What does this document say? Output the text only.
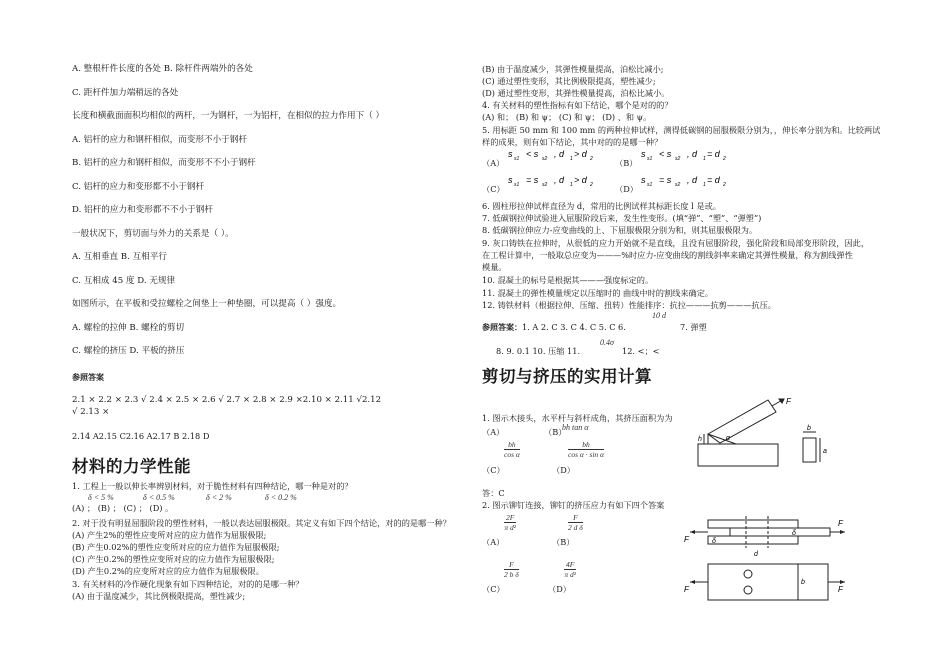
A. 整根杆件长度的各处 B. 除杆件两端外的各处
C. 距杆件加力端稍远的各处
长度和横截面面积均相似的两杆，一为钢杆，一为铝杆，在相似的拉力作用下（ ）
A. 铝杆的应力和钢杆相似，而变形不小于钢杆
B. 铝杆的应力和钢杆相似，而变形不不小于钢杆
C. 铝杆的应力和变形都不小于钢杆
D. 铝杆的应力和变形都不不小于钢杆
一般状况下，剪切面与外力的关系是（ ）。
A. 互相垂直 B. 互相平行
C. 互相成 45 度 D. 无规律
如图所示，在平板和受拉螺栓之间垫上一种垫圈，可以提高（ ）强度。
A. 螺栓的拉伸 B. 螺栓的剪切
C. 螺栓的挤压 D. 平板的挤压
参照答案
2.1 × 2.2 × 2.3 √ 2.4 × 2.5 × 2.6 √ 2.7 × 2.8 × 2.9 ×2.10 × 2.11 √2.12
√ 2.13 ×
2.14 A2.15 C2.16 A2.17 B 2.18 D
材料的力学性能
1. 工程上一般以伸长率辨别材料，对于脆性材料有四种结论，哪一种是对的？
δ < 5 %	δ < 0.5 %	δ < 2 %	δ < 0.2 %
(A) ； (B) ； (C) ； (D) 。
2. 对于没有明显屈服阶段的塑性材料，一般以表达屈服极限。其定义有如下四个结论，对的的是哪一种？
(A) 产生2%的塑性应变所对应的应力值作为屈服极限;
(B) 产生0.02%的塑性应变所对应的应力值作为屈服极限;
(C) 产生0.2%的塑性应变所对应的应力值作为屈服极限;
(D) 产生0.2%的应变所对应的应力值作为屈服极限。
3. 有关材料的冷作硬化现象有如下四种结论，对的的是哪一种？
(A) 由于温度减少，其比例极限提高，塑性减少;
(B) 由于温度减少，其弹性模量提高，泊松比减小;
(C) 通过塑性变形，其比例极限提高，塑性减少;
(D) 通过塑性变形，其弹性模量提高，泊松比减小。
4. 有关材料的塑性指标有如下结论，哪个是对的的？
(A) 和； (B) 和 ψ； (C) 和 ψ； (D) 、和 ψ。
5. 用标距 50 mm 和 100 mm 的两种拉伸试样，测得低碳钢的屈服极限分别为，，伸长率分别为和。比较两试
样的成果，则有如下结论，其中对的的是哪一种？
（A）
s s1 < s s2 , d 1 > d 2	（B）
s s1 < s s2 , d 1 = d 2
（C）
s s1 = s s2 , d 1 > d 2	（D）
s s1 = s s2 , d 1 = d 2
6. 圆柱形拉伸试样直径为 d，常用的比例试样其标距长度 l 是或。
7. 低碳钢拉伸试验进入屈服阶段后来，发生性变形。(填“弹”、“塑”、“弹塑”)
8. 低碳钢拉伸应力-应变曲线的上、下屈服极限分别为和，则其屈服极限为。
9. 灰口铸铁在拉伸时，从很低的应力开始就不是直线，且没有屈服阶段，强化阶段和局部变形阶段，因此，
在工程计算中，一般取总应变为———%时应力-应变曲线的割线斜率来确定其弹性模量，称为割线弹性
模量。
10. 混凝土的标号是根据其———强度标定的。
11. 混凝土的弹性模量规定以压缩时的 曲线中时的割线来确定。
12. 铸铁材料（根据拉伸、压缩、扭转）性能排序：抗拉———抗剪———抗压。
10 d
参照答案： 1. A 2. C 3. C 4. C 5. C 6.	7. 弹塑
0.4σ
8. 9. 0.1 10. 压缩 11.	12. <；<
剪切与挤压的实用计算
1. 图示木接头，水平杆与斜杆成角，其挤压面积为为
（A）	（B）
bh tan α
$\frac{bh}{\text{cos α}}$	$\frac{bh}{\text{cos α · sin α}}$
（C）	（D）
答：C
2. 图示铆钉连接，铆钉的挤压应力有如下四个答案
$\frac{2F}{\text{π d²}}$	$\frac{F}{\text{2 d δ}}$
（A）	（B）
$\frac{F}{\text{2 b δ}}$	$\frac{4F}{\text{π d²}}$
（C）	（D）
F
h	α
b
a
F
F
F	F
δ
δ
d
b
